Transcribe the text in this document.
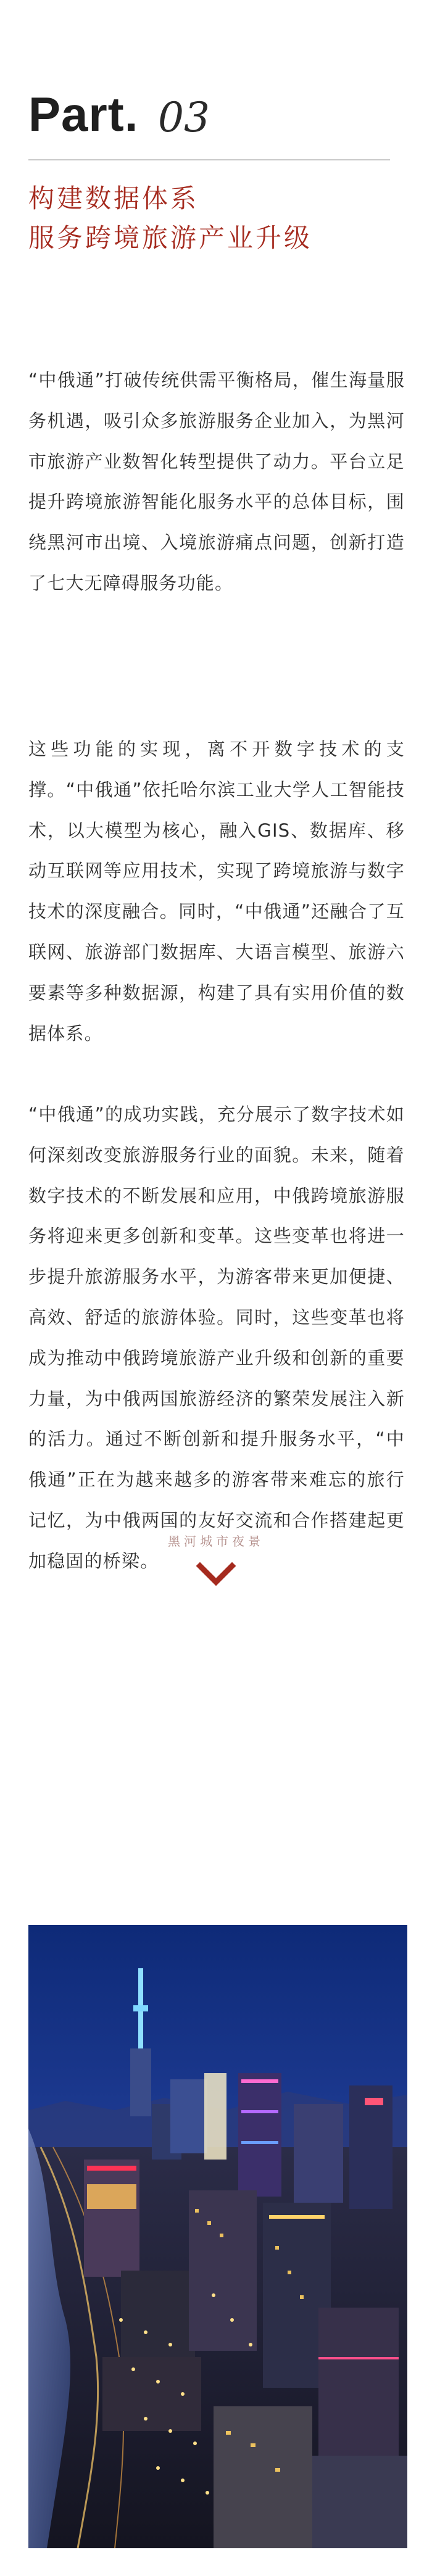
Part. 03
构建数据体系
服务跨境旅游产业升级
“中俄通”打破传统供需平衡格局，催生海量服务机遇，吸引众多旅游服务企业加入，为黑河市旅游产业数智化转型提供了动力。平台立足提升跨境旅游智能化服务水平的总体目标，围绕黑河市出境、入境旅游痛点问题，创新打造了七大无障碍服务功能。
这些功能的实现，离不开数字技术的支撑。“中俄通”依托哈尔滨工业大学人工智能技术，以大模型为核心，融入GIS、数据库、移动互联网等应用技术，实现了跨境旅游与数字技术的深度融合。同时，“中俄通”还融合了互联网、旅游部门数据库、大语言模型、旅游六要素等多种数据源，构建了具有实用价值的数据体系。
“中俄通”的成功实践，充分展示了数字技术如何深刻改变旅游服务行业的面貌。未来，随着数字技术的不断发展和应用，中俄跨境旅游服务将迎来更多创新和变革。这些变革也将进一步提升旅游服务水平，为游客带来更加便捷、高效、舒适的旅游体验。同时，这些变革也将成为推动中俄跨境旅游产业升级和创新的重要力量，为中俄两国旅游经济的繁荣发展注入新的活力。通过不断创新和提升服务水平，“中俄通”正在为越来越多的游客带来难忘的旅行记忆，为中俄两国的友好交流和合作搭建起更加稳固的桥梁。
黑河城市夜景
文旅中国
